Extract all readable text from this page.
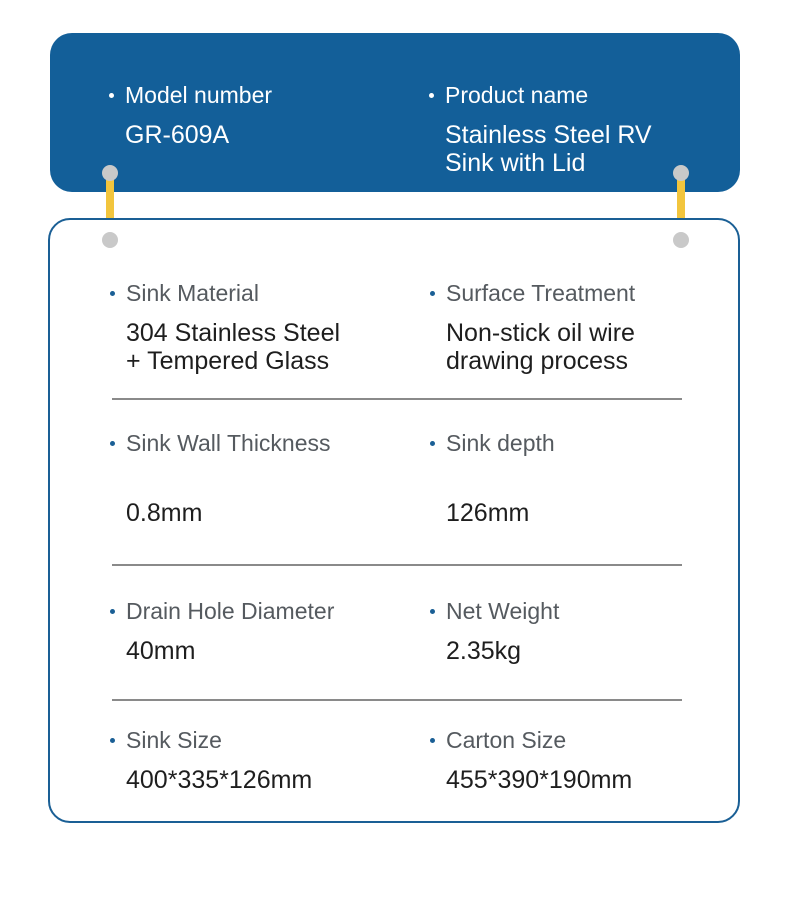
Model number
GR-609A
Product name
Stainless Steel RV
Sink with Lid
Sink Material
304 Stainless Steel
+ Tempered Glass
Surface Treatment
Non-stick oil wire
drawing process
Sink Wall Thickness
0.8mm
Sink depth
126mm
Drain Hole Diameter
40mm
Net Weight
2.35kg
Sink Size
400*335*126mm
Carton Size
455*390*190mm
